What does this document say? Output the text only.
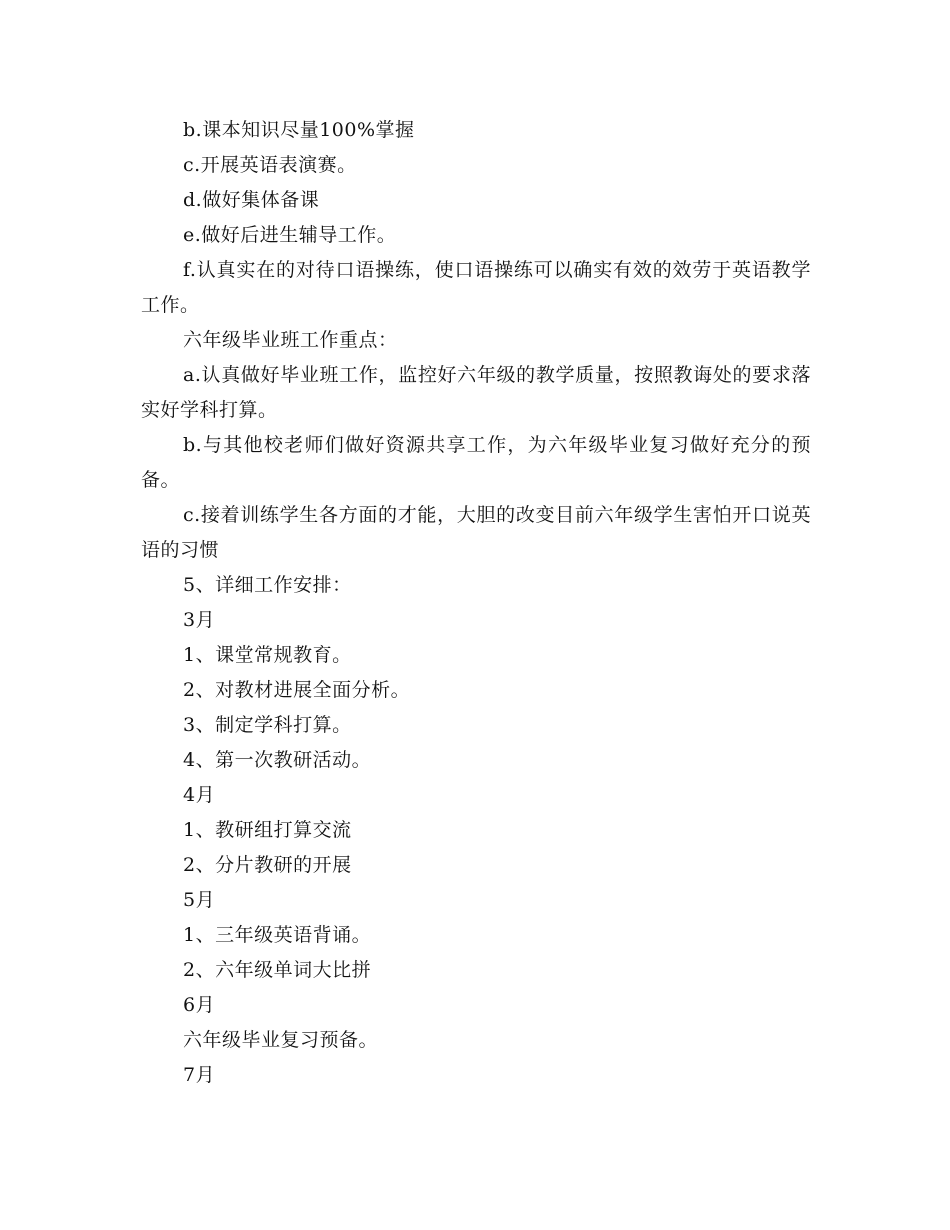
b.课本知识尽量100%掌握

c.开展英语表演赛。

d.做好集体备课

e.做好后进生辅导工作。

f.认真实在的对待口语操练，使口语操练可以确实有效的效劳于英语教学工作。

六年级毕业班工作重点：

a.认真做好毕业班工作，监控好六年级的教学质量，按照教诲处的要求落实好学科打算。

b.与其他校老师们做好资源共享工作，为六年级毕业复习做好充分的预备。

c.接着训练学生各方面的才能，大胆的改变目前六年级学生害怕开口说英语的习惯

5、详细工作安排：

3月

1、课堂常规教育。

2、对教材进展全面分析。

3、制定学科打算。

4、第一次教研活动。

4月

1、教研组打算交流

2、分片教研的开展

5月

1、三年级英语背诵。

2、六年级单词大比拼

6月

六年级毕业复习预备。

7月
